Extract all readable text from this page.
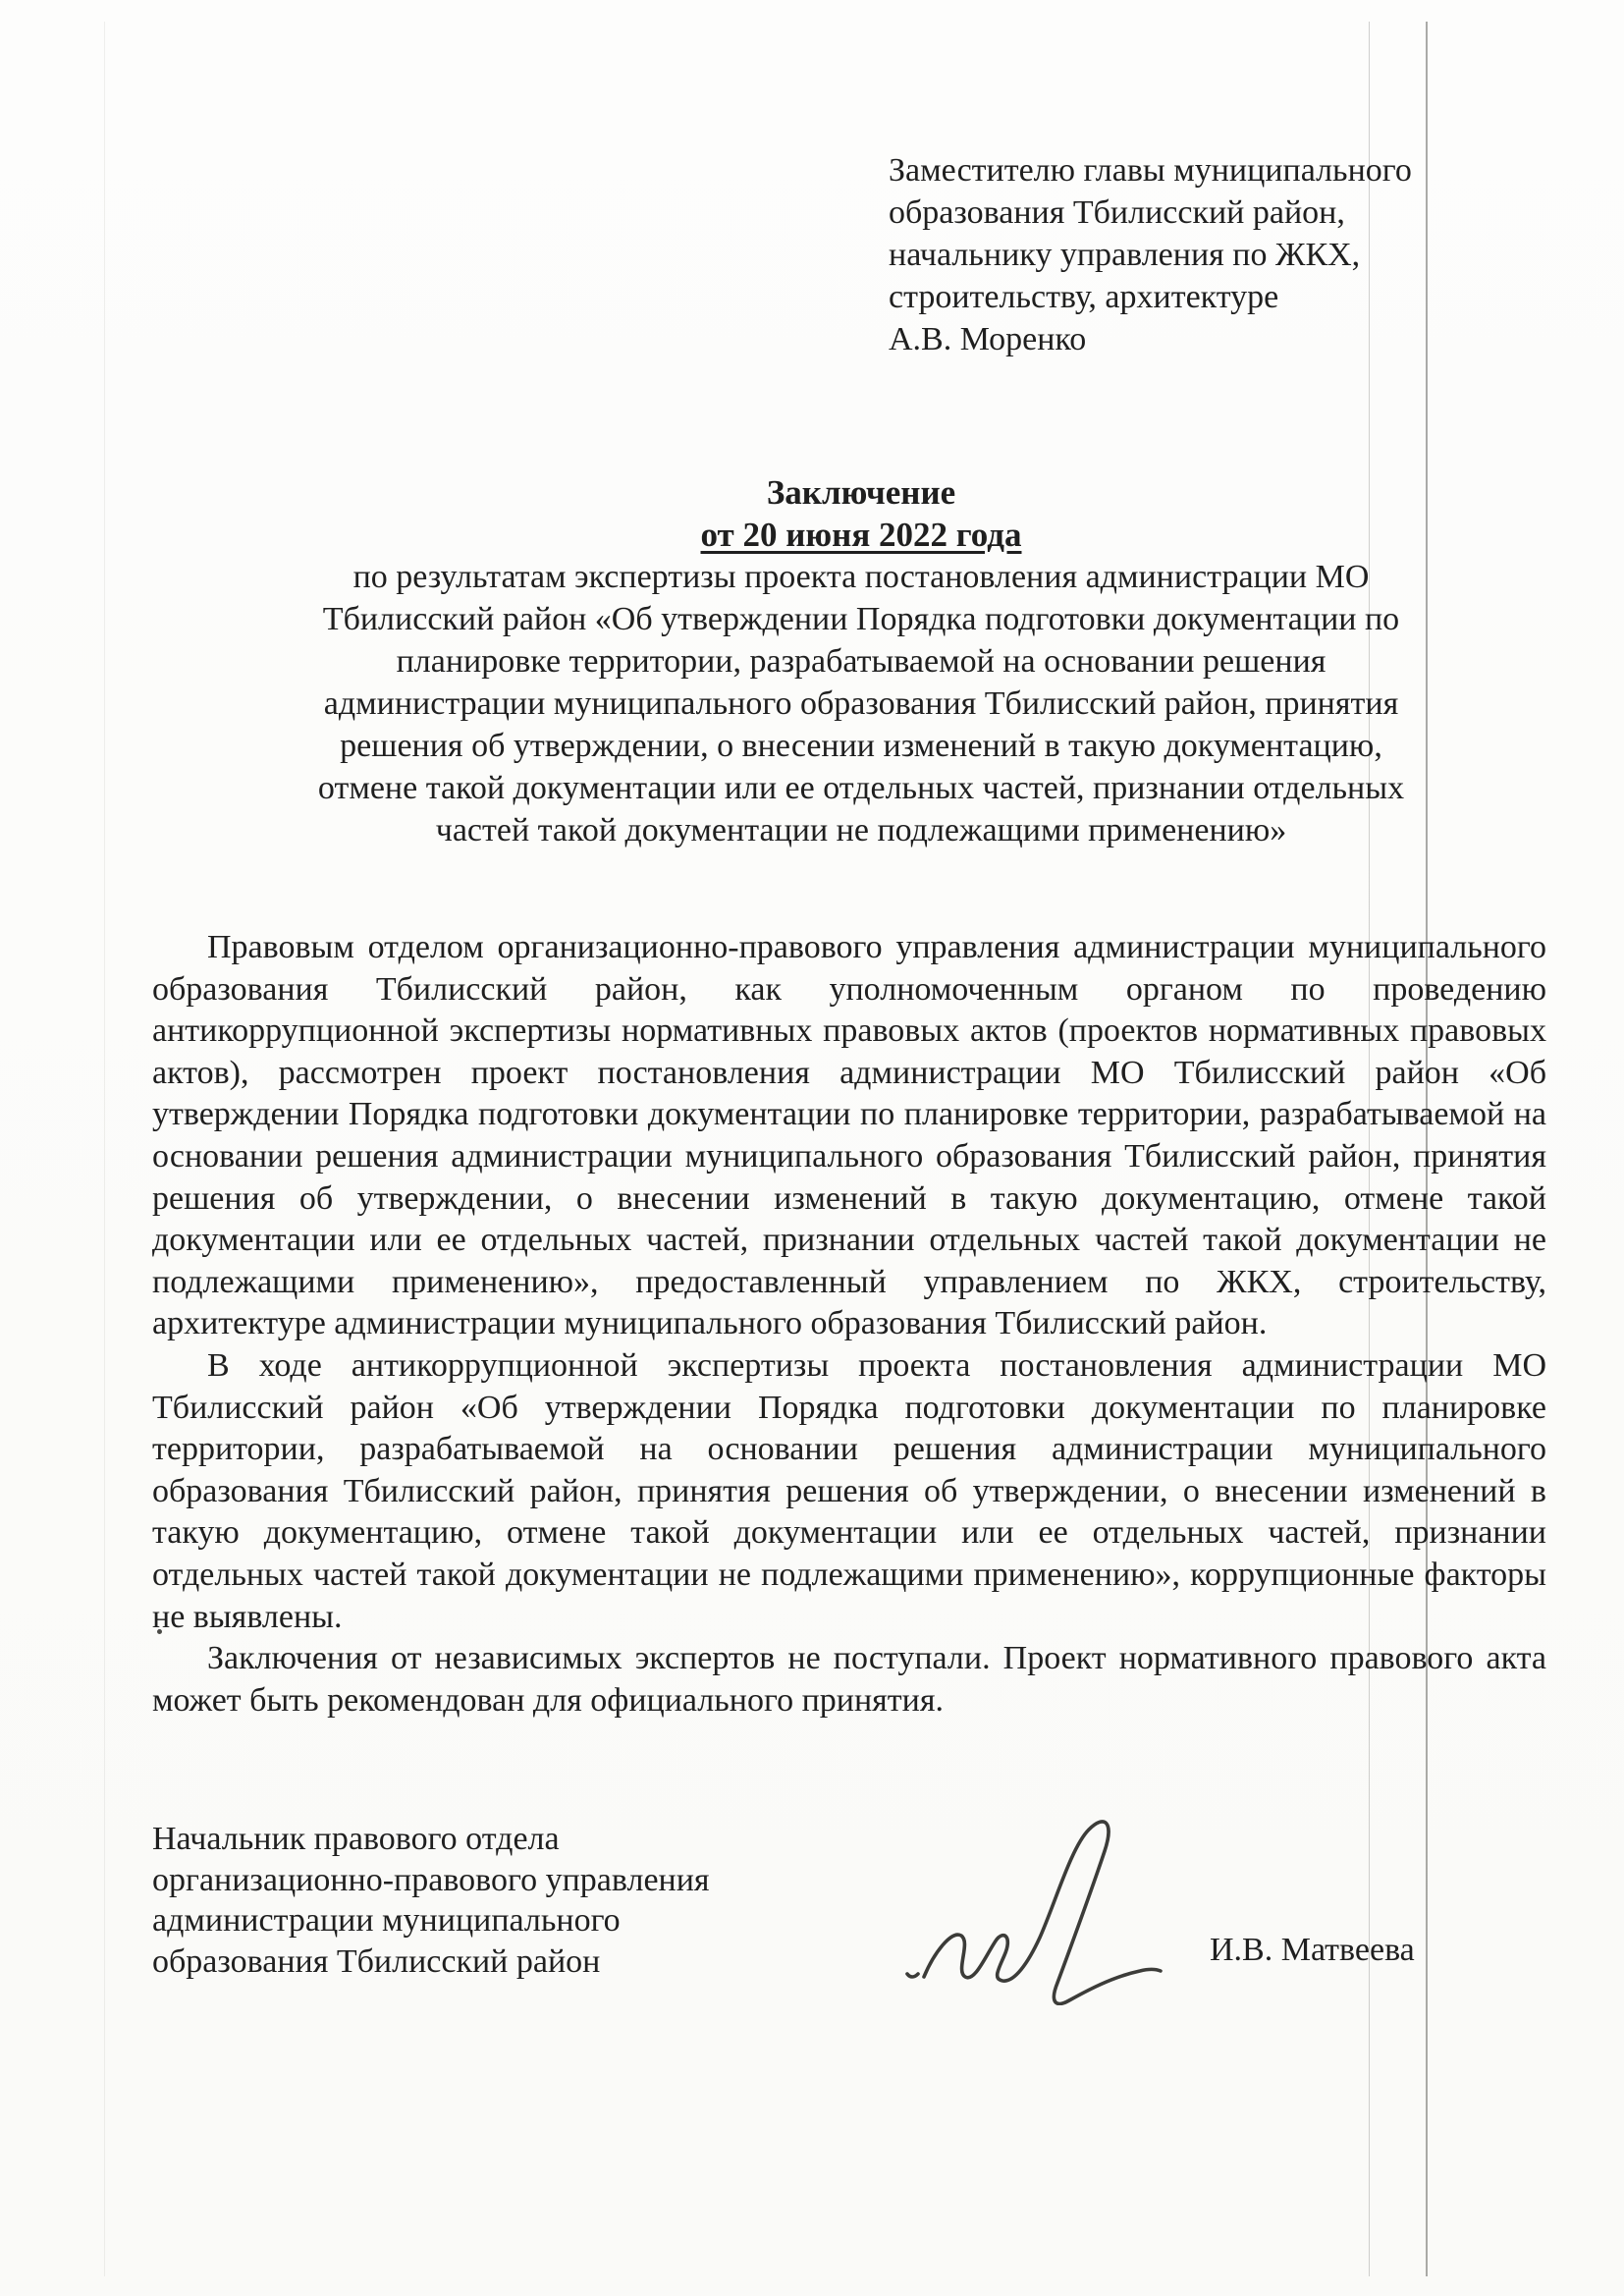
Заместителю главы муниципального
образования Тбилисский район,
начальнику управления по ЖКХ,
строительству, архитектуре
А.В. Моренко
Заключение
от 20 июня 2022 года
по результатам экспертизы проекта постановления администрации МО
Тбилисский район «Об утверждении Порядка подготовки документации по
планировке территории, разрабатываемой на основании решения
администрации муниципального образования Тбилисский район, принятия
решения об утверждении, о внесении изменений в такую документацию,
отмене такой документации или ее отдельных частей, признании отдельных
частей такой документации не подлежащими применению»

Правовым отделом организационно-правового управления администрации муниципального образования Тбилисский район, как уполномоченным органом по проведению антикоррупционной экспертизы нормативных правовых актов (проектов нормативных правовых актов), рассмотрен проект постановления администрации МО Тбилисский район «Об утверждении Порядка подготовки документации по планировке территории, разрабатываемой на основании решения администрации муниципального образования Тбилисский район, принятия решения об утверждении, о внесении изменений в такую документацию, отмене такой документации или ее отдельных частей, признании отдельных частей такой документации не подлежащими применению», предоставленный управлением по ЖКХ, строительству, архитектуре администрации муниципального образования Тбилисский район.

В ходе антикоррупционной экспертизы проекта постановления администрации МО Тбилисский район «Об утверждении Порядка подготовки документации по планировке территории, разрабатываемой на основании решения администрации муниципального образования Тбилисский район, принятия решения об утверждении, о внесении изменений в такую документацию, отмене такой документации или ее отдельных частей, признании отдельных частей такой документации не подлежащими применению», коррупционные факторы не выявлены.

Заключения от независимых экспертов не поступали. Проект нормативного правового акта может быть рекомендован для официального принятия.

Начальник правового отдела
организационно-правового управления
администрации муниципального
образования Тбилисский район	И.В. Матвеева
